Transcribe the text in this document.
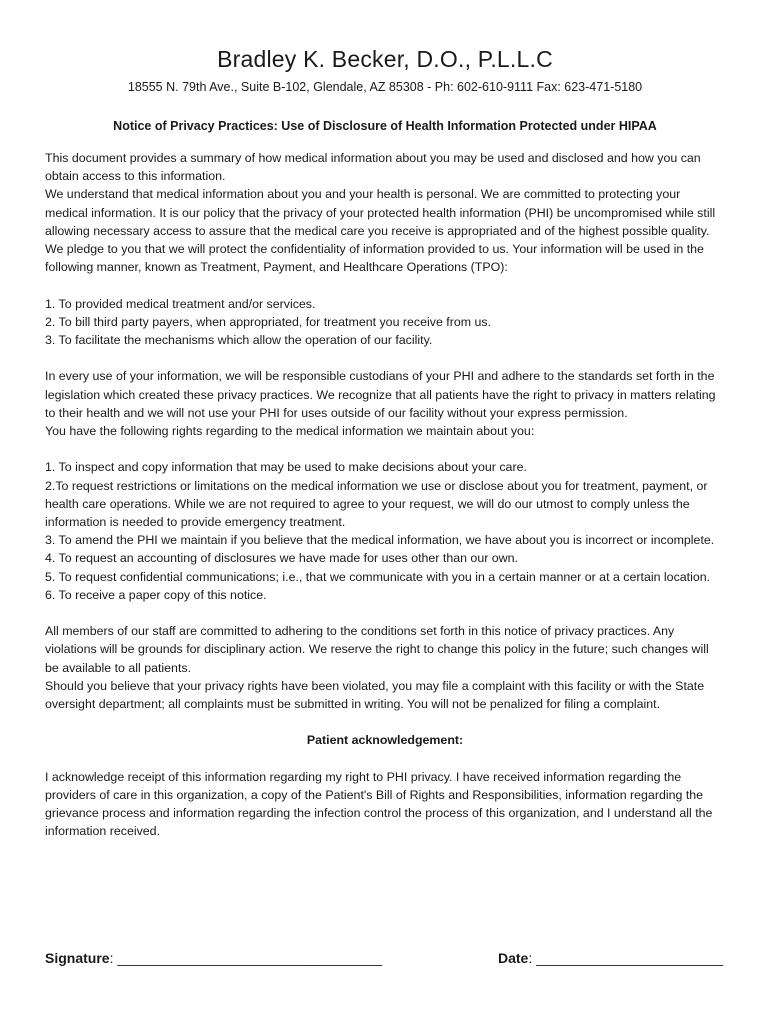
Bradley K. Becker, D.O., P.L.L.C
18555 N. 79th Ave., Suite B-102, Glendale, AZ 85308 - Ph: 602-610-9111 Fax: 623-471-5180
Notice of Privacy Practices: Use of Disclosure of Health Information Protected under HIPAA

This document provides a summary of how medical information about you may be used and disclosed and how you can obtain access to this information.

We understand that medical information about you and your health is personal. We are committed to protecting your medical information. It is our policy that the privacy of your protected health information (PHI) be uncompromised while still allowing necessary access to assure that the medical care you receive is appropriated and of the highest possible quality.

We pledge to you that we will protect the confidentiality of information provided to us. Your information will be used in the following manner, known as Treatment, Payment, and Healthcare Operations (TPO):

1. To provided medical treatment and/or services.

2. To bill third party payers, when appropriated, for treatment you receive from us.

3. To facilitate the mechanisms which allow the operation of our facility.

In every use of your information, we will be responsible custodians of your PHI and adhere to the standards set forth in the legislation which created these privacy practices. We recognize that all patients have the right to privacy in matters relating to their health and we will not use your PHI for uses outside of our facility without your express permission.

You have the following rights regarding to the medical information we maintain about you:

1. To inspect and copy information that may be used to make decisions about your care.

2.To request restrictions or limitations on the medical information we use or disclose about you for treatment, payment, or health care operations. While we are not required to agree to your request, we will do our utmost to comply unless the information is needed to provide emergency treatment.

3. To amend the PHI we maintain if you believe that the medical information, we have about you is incorrect or incomplete.

4. To request an accounting of disclosures we have made for uses other than our own.

5. To request confidential communications; i.e., that we communicate with you in a certain manner or at a certain location.

6. To receive a paper copy of this notice.

All members of our staff are committed to adhering to the conditions set forth in this notice of privacy practices. Any violations will be grounds for disciplinary action. We reserve the right to change this policy in the future; such changes will be available to all patients.

Should you believe that your privacy rights have been violated, you may file a complaint with this facility or with the State oversight department; all complaints must be submitted in writing. You will not be penalized for filing a complaint.

Patient acknowledgement:

I acknowledge receipt of this information regarding my right to PHI privacy. I have received information regarding the providers of care in this organization, a copy of the Patient's Bill of Rights and Responsibilities, information regarding the grievance process and information regarding the infection control the process of this organization, and I understand all the information received.

Signature: __________________________________	Date: ________________________
